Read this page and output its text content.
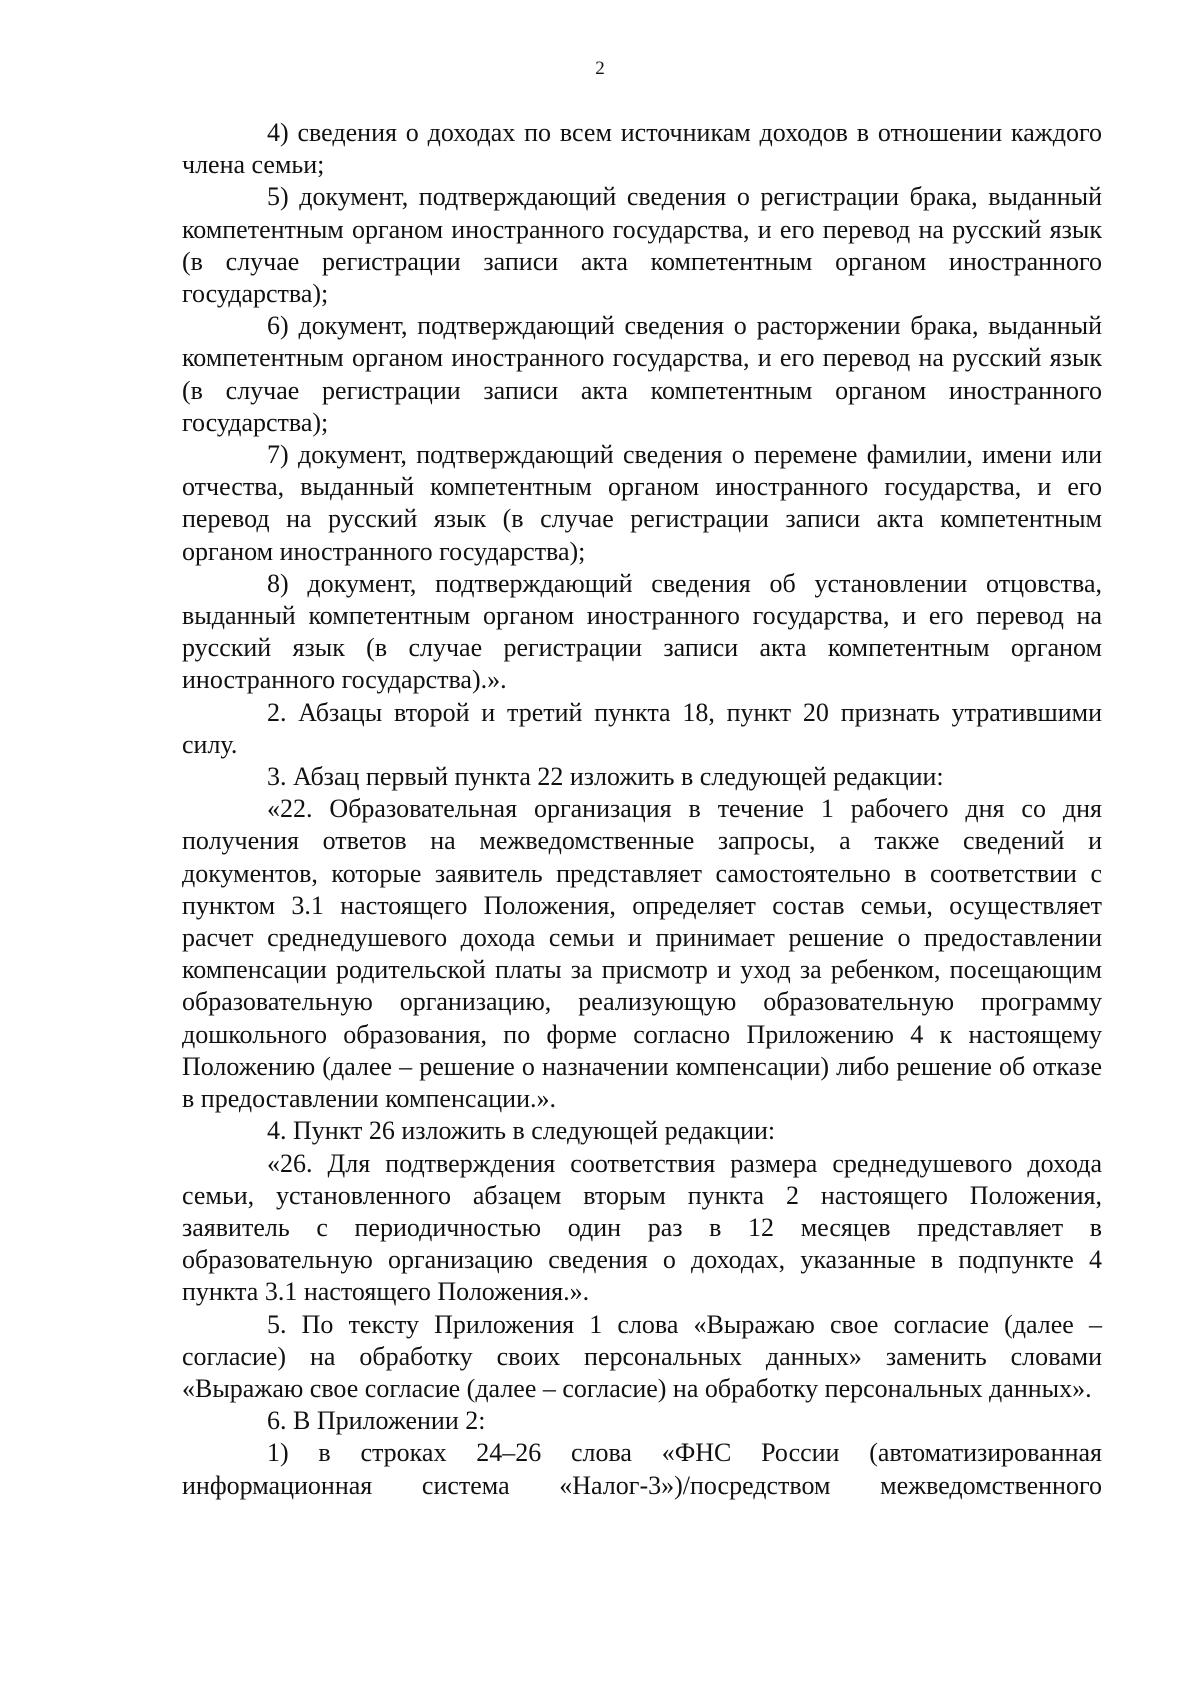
2

4) сведения о доходах по всем источникам доходов в отношении каждого члена семьи;

5) документ, подтверждающий сведения о регистрации брака, выданный компетентным органом иностранного государства, и его перевод на русский язык (в случае регистрации записи акта компетентным органом иностранного государства);

6) документ, подтверждающий сведения о расторжении брака, выданный компетентным органом иностранного государства, и его перевод на русский язык (в случае регистрации записи акта компетентным органом иностранного государства);

7) документ, подтверждающий сведения о перемене фамилии, имени или отчества, выданный компетентным органом иностранного государства, и его перевод на русский язык (в случае регистрации записи акта компетентным органом иностранного государства);

8) документ, подтверждающий сведения об установлении отцовства, выданный компетентным органом иностранного государства, и его перевод на русский язык (в случае регистрации записи акта компетентным органом иностранного государства).».

2. Абзацы второй и третий пункта 18, пункт 20 признать утратившими силу.

3. Абзац первый пункта 22 изложить в следующей редакции:

«22. Образовательная организация в течение 1 рабочего дня со дня получения ответов на межведомственные запросы, а также сведений и документов, которые заявитель представляет самостоятельно в соответствии с пунктом 3.1 настоящего Положения, определяет состав семьи, осуществляет расчет среднедушевого дохода семьи и принимает решение о предоставлении компенсации родительской платы за присмотр и уход за ребенком, посещающим образовательную организацию, реализующую образовательную программу дошкольного образования, по форме согласно Приложению 4 к настоящему Положению (далее – решение о назначении компенсации) либо решение об отказе в предоставлении компенсации.».

4. Пункт 26 изложить в следующей редакции:

«26. Для подтверждения соответствия размера среднедушевого дохода семьи, установленного абзацем вторым пункта 2 настоящего Положения, заявитель с периодичностью один раз в 12 месяцев представляет в образовательную организацию сведения о доходах, указанные в подпункте 4 пункта 3.1 настоящего Положения.».

5. По тексту Приложения 1 слова «Выражаю свое согласие (далее – согласие) на обработку своих персональных данных» заменить словами «Выражаю свое согласие (далее – согласие) на обработку персональных данных».

6. В Приложении 2:

1) в строках 24–26 слова «ФНС России (автоматизированная информационная система «Налог-3»)/посредством межведомственного
